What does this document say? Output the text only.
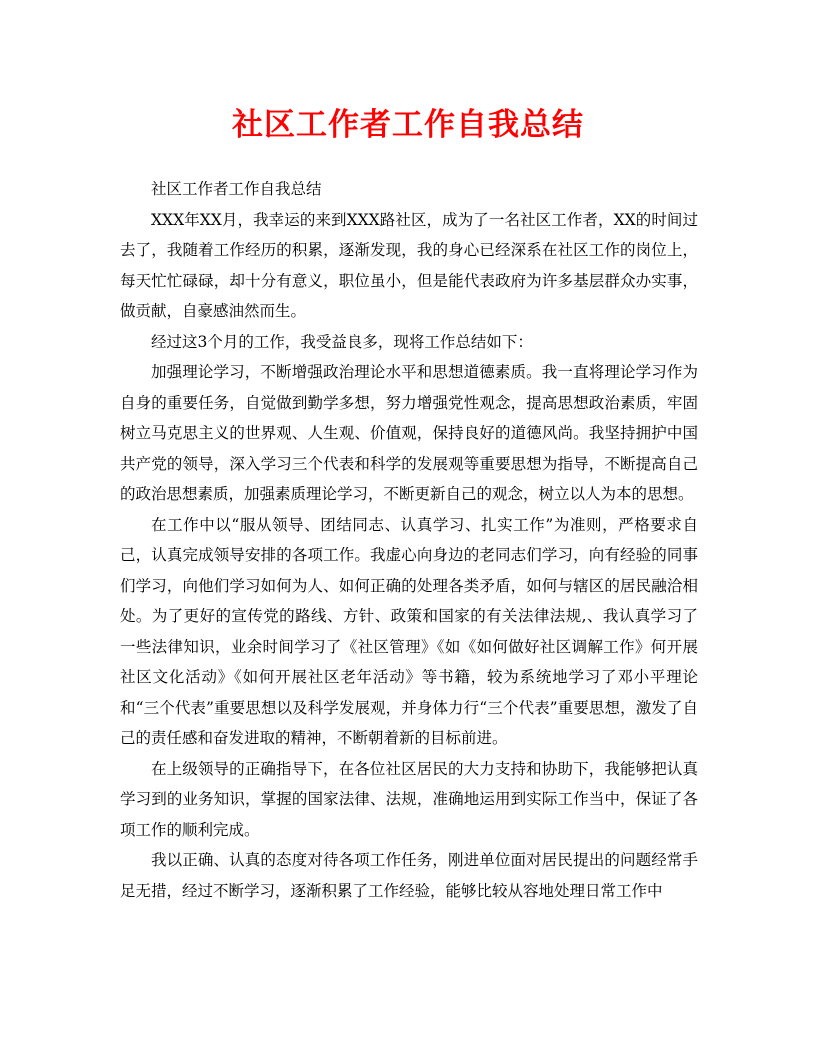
社区工作者工作自我总结

社区工作者工作自我总结

XXX年XX月，我幸运的来到XXX路社区，成为了一名社区工作者，XX的时间过去了，我随着工作经历的积累，逐渐发现，我的身心已经深系在社区工作的岗位上，每天忙忙碌碌，却十分有意义，职位虽小，但是能代表政府为许多基层群众办实事，做贡献，自豪感油然而生。

经过这3个月的工作，我受益良多，现将工作总结如下：

加强理论学习，不断增强政治理论水平和思想道德素质。我一直将理论学习作为自身的重要任务，自觉做到勤学多想，努力增强党性观念，提高思想政治素质，牢固树立马克思主义的世界观、人生观、价值观，保持良好的道德风尚。我坚持拥护中国共产党的领导，深入学习三个代表和科学的发展观等重要思想为指导，不断提高自己的政治思想素质，加强素质理论学习，不断更新自己的观念，树立以人为本的思想。

在工作中以“服从领导、团结同志、认真学习、扎实工作”为准则，严格要求自己，认真完成领导安排的各项工作。我虚心向身边的老同志们学习，向有经验的同事们学习，向他们学习如何为人、如何正确的处理各类矛盾，如何与辖区的居民融洽相处。为了更好的宣传党的路线、方针、政策和国家的有关法律法规,、我认真学习了一些法律知识，业余时间学习了《社区管理》《如《如何做好社区调解工作》何开展社区文化活动》《如何开展社区老年活动》等书籍，较为系统地学习了邓小平理论和“三个代表”重要思想以及科学发展观，并身体力行“三个代表”重要思想，激发了自己的责任感和奋发进取的精神，不断朝着新的目标前进。

在上级领导的正确指导下，在各位社区居民的大力支持和协助下，我能够把认真学习到的业务知识，掌握的国家法律、法规，准确地运用到实际工作当中，保证了各项工作的顺利完成。

我以正确、认真的态度对待各项工作任务，刚进单位面对居民提出的问题经常手足无措，经过不断学习，逐渐积累了工作经验，能够比较从容地处理日常工作中
